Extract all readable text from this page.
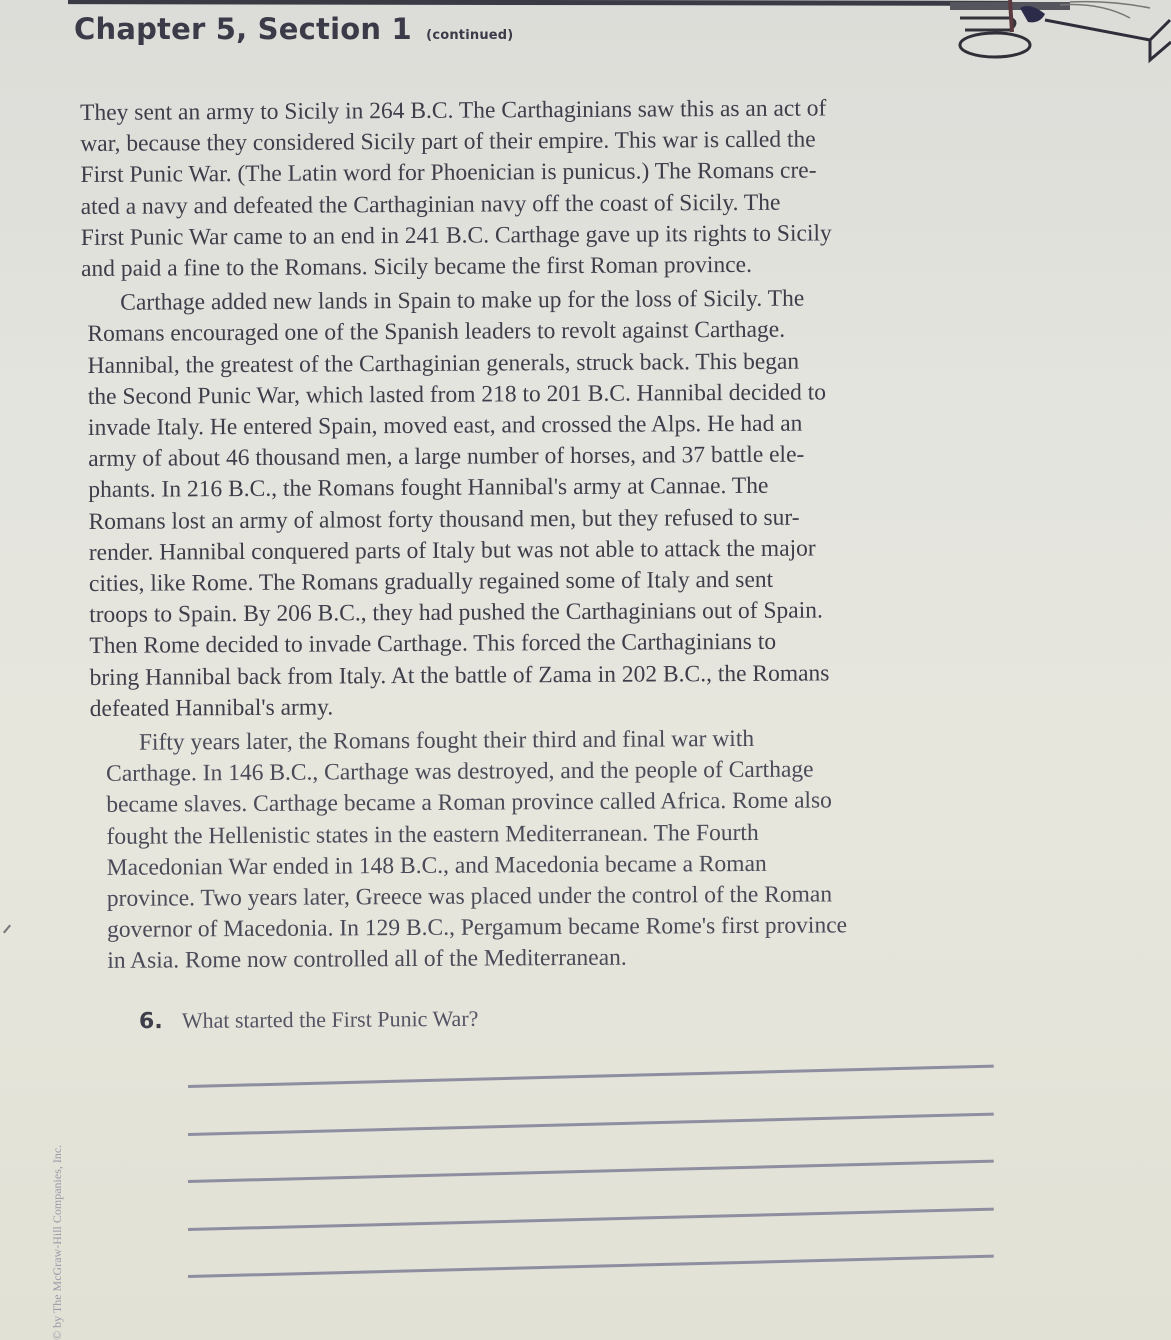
Chapter 5, Section 1 (continued)

They sent an army to Sicily in 264 B.C. The Carthaginians saw this as an act of
war, because they considered Sicily part of their empire. This war is called the
First Punic War. (The Latin word for Phoenician is punicus.) The Romans cre-
ated a navy and defeated the Carthaginian navy off the coast of Sicily. The
First Punic War came to an end in 241 B.C. Carthage gave up its rights to Sicily
and paid a fine to the Romans. Sicily became the first Roman province.

Carthage added new lands in Spain to make up for the loss of Sicily. The
Romans encouraged one of the Spanish leaders to revolt against Carthage.
Hannibal, the greatest of the Carthaginian generals, struck back. This began
the Second Punic War, which lasted from 218 to 201 B.C. Hannibal decided to
invade Italy. He entered Spain, moved east, and crossed the Alps. He had an
army of about 46 thousand men, a large number of horses, and 37 battle ele-
phants. In 216 B.C., the Romans fought Hannibal's army at Cannae. The
Romans lost an army of almost forty thousand men, but they refused to sur-
render. Hannibal conquered parts of Italy but was not able to attack the major
cities, like Rome. The Romans gradually regained some of Italy and sent
troops to Spain. By 206 B.C., they had pushed the Carthaginians out of Spain.
Then Rome decided to invade Carthage. This forced the Carthaginians to
bring Hannibal back from Italy. At the battle of Zama in 202 B.C., the Romans
defeated Hannibal's army.

Fifty years later, the Romans fought their third and final war with
Carthage. In 146 B.C., Carthage was destroyed, and the people of Carthage
became slaves. Carthage became a Roman province called Africa. Rome also
fought the Hellenistic states in the eastern Mediterranean. The Fourth
Macedonian War ended in 148 B.C., and Macedonia became a Roman
province. Two years later, Greece was placed under the control of the Roman
governor of Macedonia. In 129 B.C., Pergamum became Rome's first province
in Asia. Rome now controlled all of the Mediterranean.

6. What started the First Punic War?
© by The McGraw-Hill Companies, Inc.
